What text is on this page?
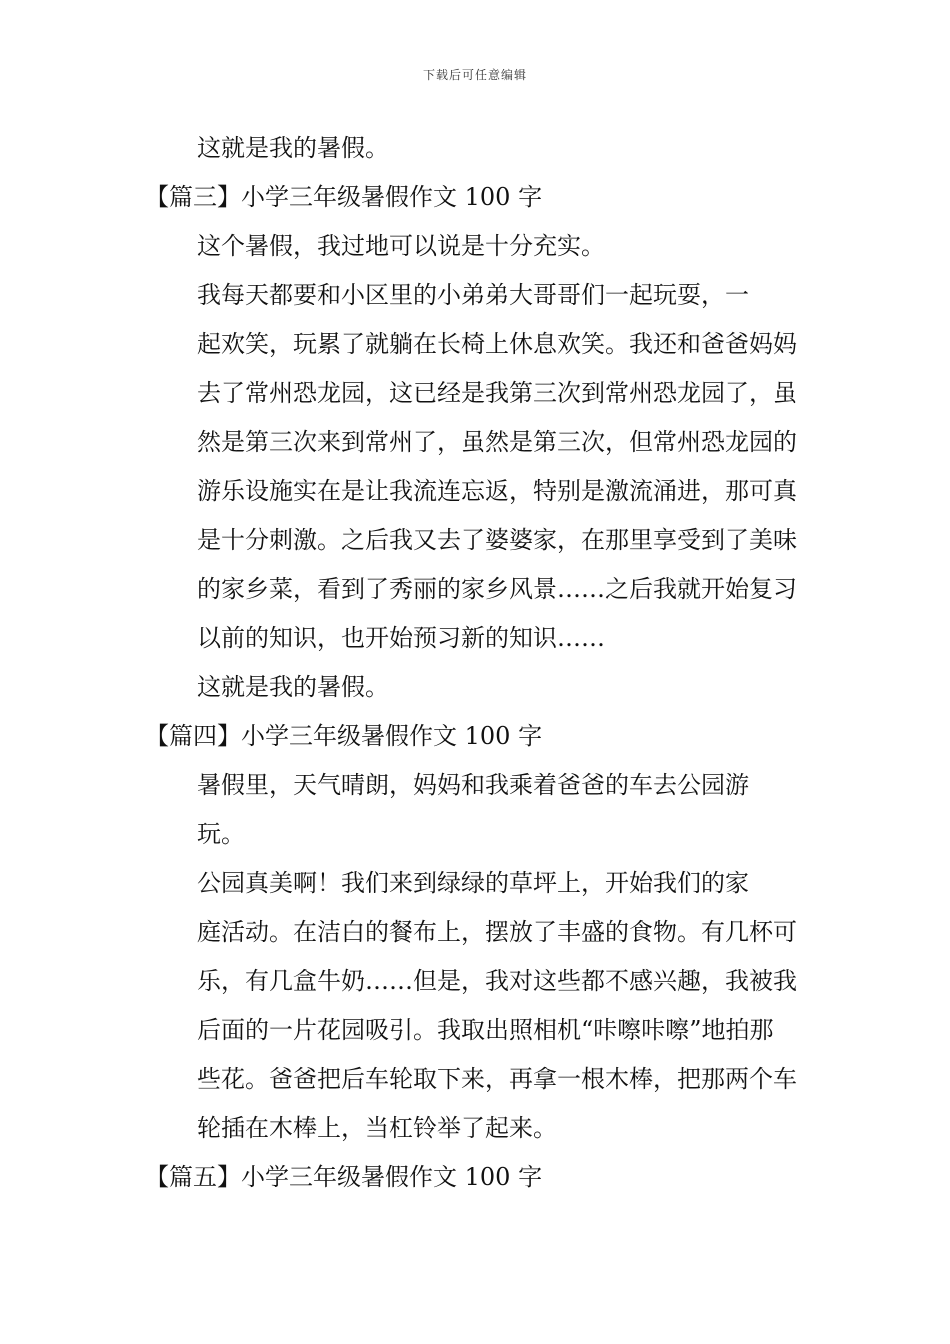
下载后可任意编辑

这就是我的暑假。

【篇三】小学三年级暑假作文 100 字

这个暑假，我过地可以说是十分充实。

我每天都要和小区里的小弟弟大哥哥们一起玩耍，一
起欢笑，玩累了就躺在长椅上休息欢笑。我还和爸爸妈妈
去了常州恐龙园，这已经是我第三次到常州恐龙园了，虽
然是第三次来到常州了，虽然是第三次，但常州恐龙园的
游乐设施实在是让我流连忘返，特别是激流涌进，那可真
是十分刺激。之后我又去了婆婆家，在那里享受到了美味
的家乡菜，看到了秀丽的家乡风景……之后我就开始复习
以前的知识，也开始预习新的知识……

这就是我的暑假。

【篇四】小学三年级暑假作文 100 字

暑假里，天气晴朗，妈妈和我乘着爸爸的车去公园游
玩。

公园真美啊！我们来到绿绿的草坪上，开始我们的家
庭活动。在洁白的餐布上，摆放了丰盛的食物。有几杯可
乐，有几盒牛奶……但是，我对这些都不感兴趣，我被我
后面的一片花园吸引。我取出照相机“咔嚓咔嚓”地拍那
些花。爸爸把后车轮取下来，再拿一根木棒，把那两个车
轮插在木棒上，当杠铃举了起来。

【篇五】小学三年级暑假作文 100 字
